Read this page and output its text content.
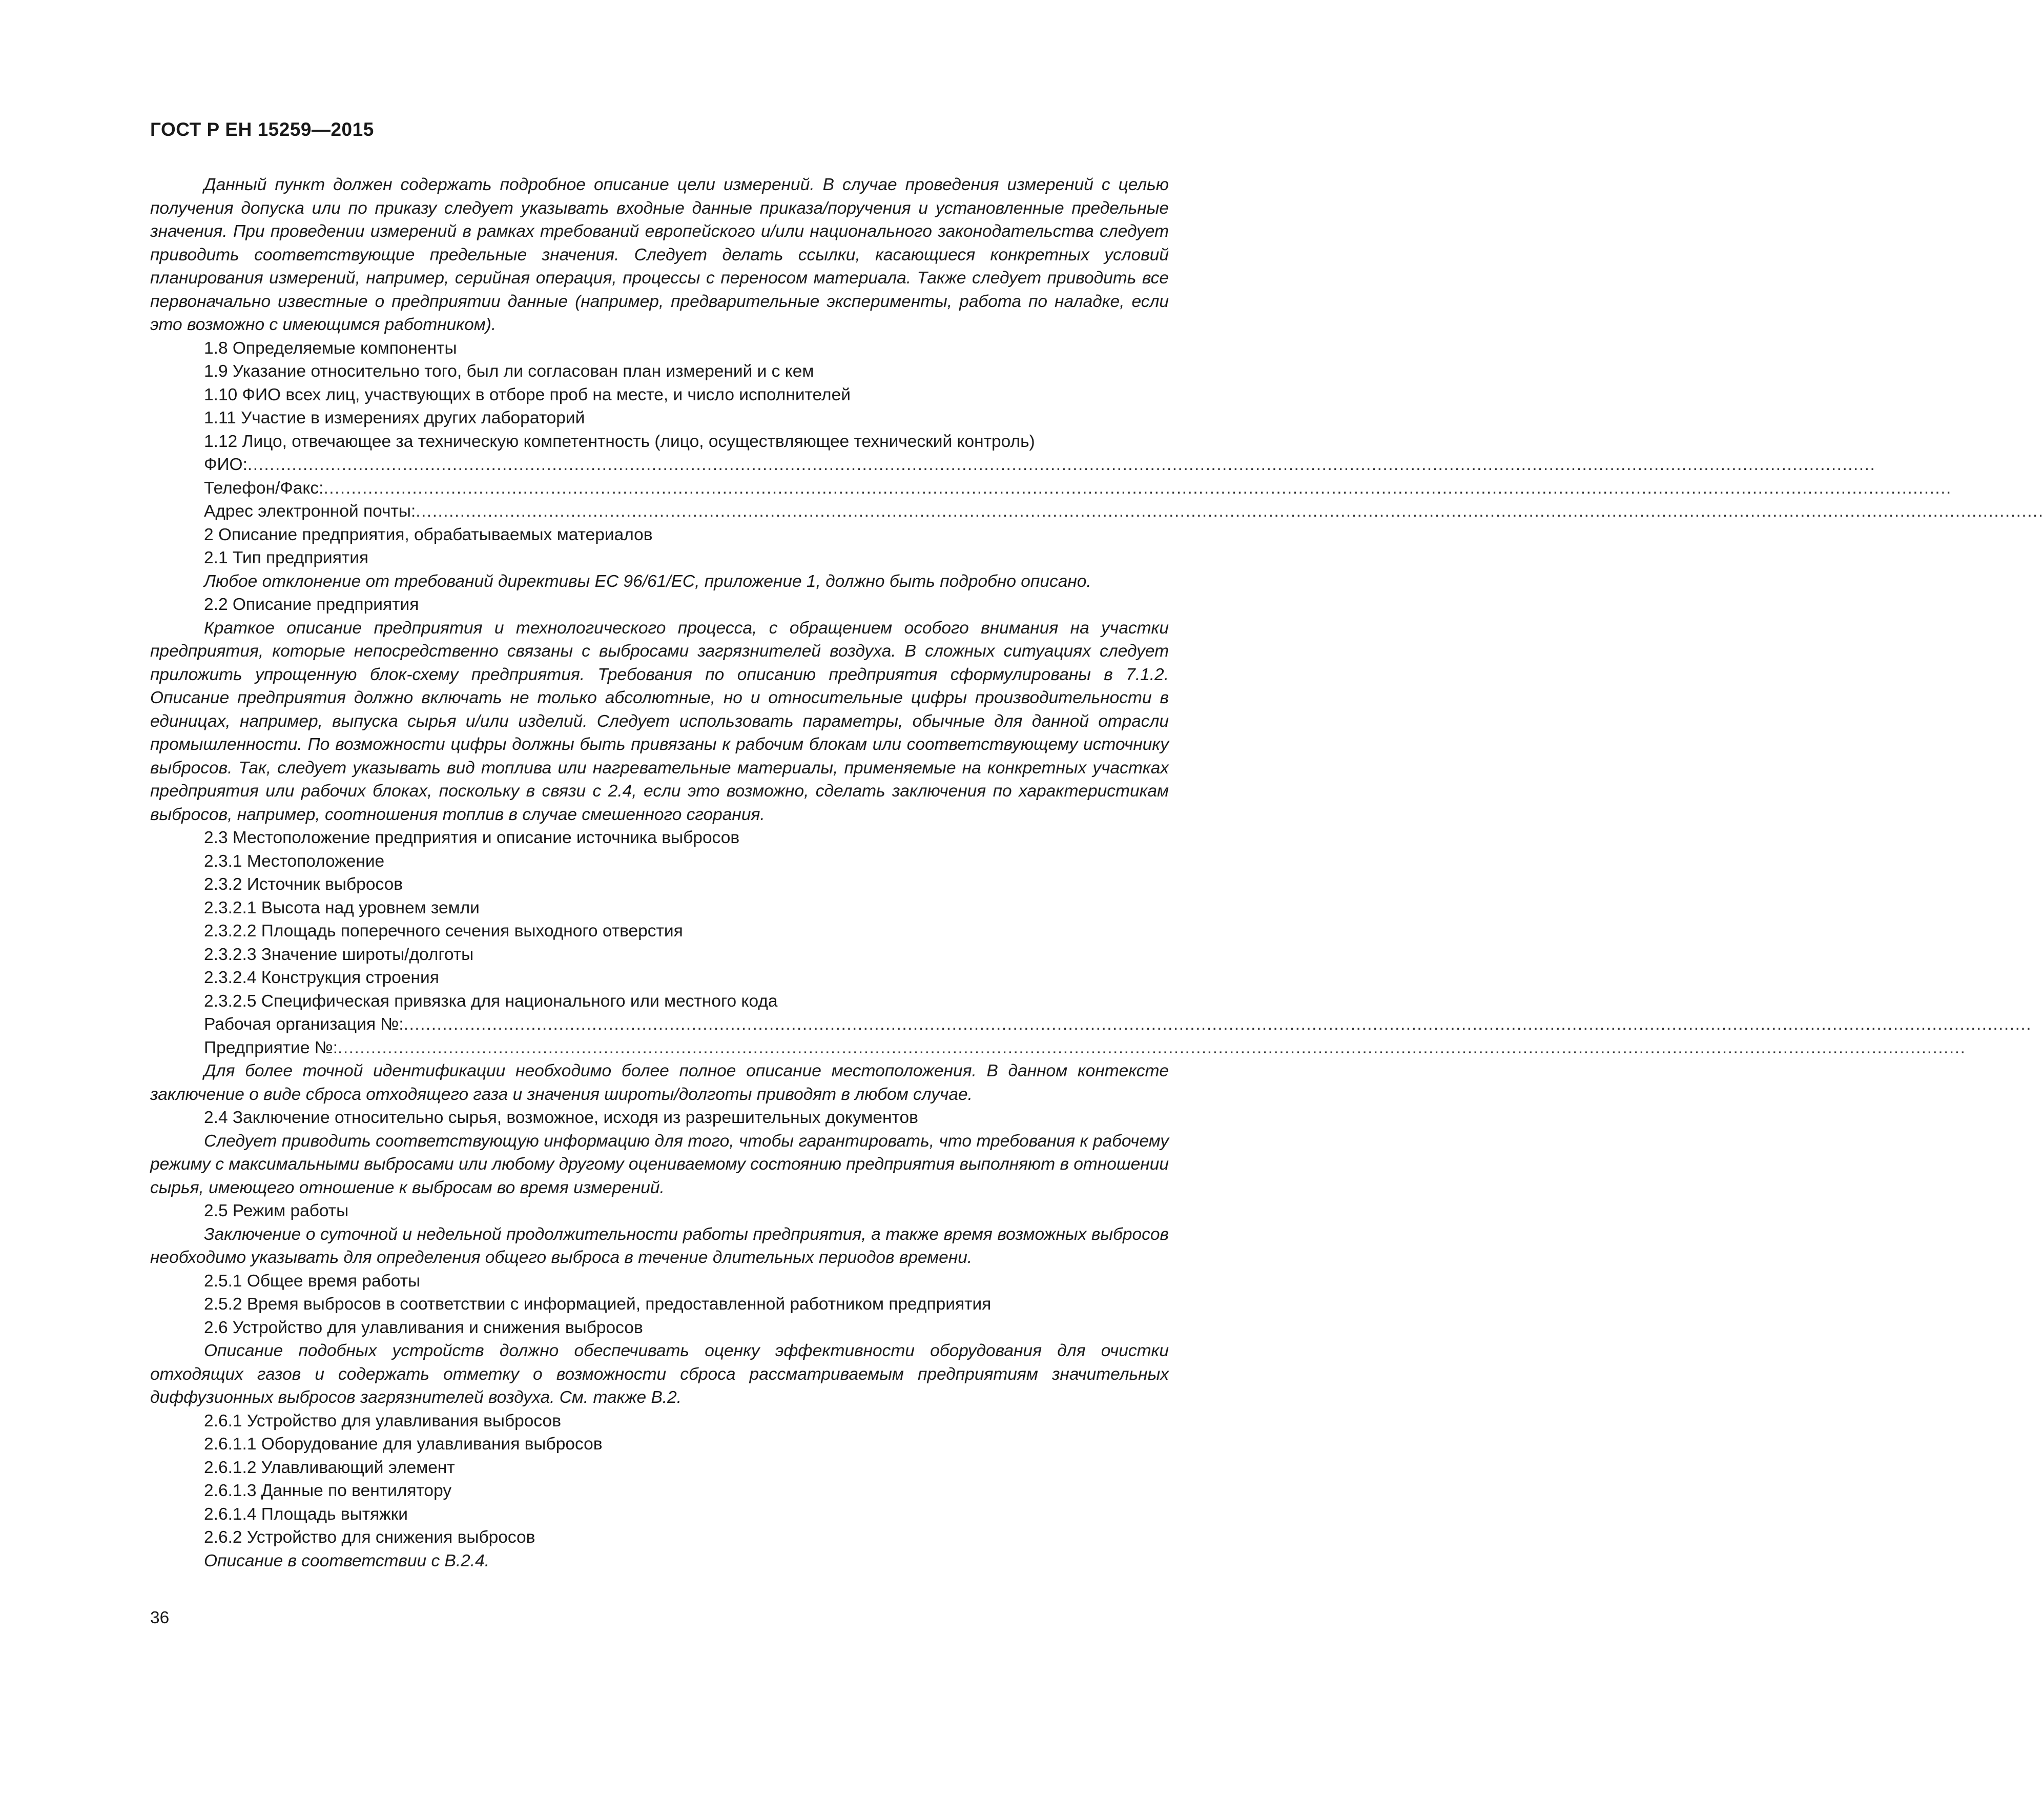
ГОСТ Р ЕН 15259—2015

Данный пункт должен содержать подробное описание цели измерений. В случае проведения измерений с целью получения допуска или по приказу следует указывать входные данные приказа/поручения и установленные предельные значения. При проведении измерений в рамках требований европейского и/или национального законодательства следует приводить соответствующие предельные значения. Следует делать ссылки, касающиеся конкретных условий планирования измерений, например, серийная операция, процессы с переносом материала. Также следует приводить все первоначально известные о предприятии данные (например, предварительные эксперименты, работа по наладке, если это возможно с имеющимся работником).

1.8 Определяемые компоненты

1.9 Указание относительно того, был ли согласован план измерений и с кем

1.10 ФИО всех лиц, участвующих в отборе проб на месте, и число исполнителей

1.11 Участие в измерениях других лабораторий

1.12 Лицо, отвечающее за техническую компетентность (лицо, осуществляющее технический контроль)

ФИО: ......................................................................................................................................................................................................................................................................................................
Телефон/Факс: ......................................................................................................................................................................................................................................................................................................
Адрес электронной почты: ......................................................................................................................................................................................................................................................................................................

2 Описание предприятия, обрабатываемых материалов

2.1 Тип предприятия

Любое отклонение от требований директивы ЕС 96/61/ЕС, приложение 1, должно быть подробно описано.

2.2 Описание предприятия

Краткое описание предприятия и технологического процесса, с обращением особого внимания на участки предприятия, которые непосредственно связаны с выбросами загрязнителей воздуха. В сложных ситуациях следует приложить упрощенную блок-схему предприятия. Требования по описанию предприятия сформулированы в 7.1.2. Описание предприятия должно включать не только абсолютные, но и относительные цифры производительности в единицах, например, выпуска сырья и/или изделий. Следует использовать параметры, обычные для данной отрасли промышленности. По возможности цифры должны быть привязаны к рабочим блокам или соответствующему источнику выбросов. Так, следует указывать вид топлива или нагревательные материалы, применяемые на конкретных участках предприятия или рабочих блоках, поскольку в связи с 2.4, если это возможно, сделать заключения по характеристикам выбросов, например, соотношения топлив в случае смешенного сгорания.

2.3 Местоположение предприятия и описание источника выбросов

2.3.1 Местоположение

2.3.2 Источник выбросов

2.3.2.1 Высота над уровнем земли

2.3.2.2 Площадь поперечного сечения выходного отверстия

2.3.2.3 Значение широты/долготы

2.3.2.4 Конструкция строения

2.3.2.5 Специфическая привязка для национального или местного кода

Рабочая организация №: ......................................................................................................................................................................................................................................................................................................
Предприятие №: ......................................................................................................................................................................................................................................................................................................

Для более точной идентификации необходимо более полное описание местоположения. В данном контексте заключение о виде сброса отходящего газа и значения широты/долготы приводят в любом случае.

2.4 Заключение относительно сырья, возможное, исходя из разрешительных документов

Следует приводить соответствующую информацию для того, чтобы гарантировать, что требования к рабочему режиму с максимальными выбросами или любому другому оцениваемому состоянию предприятия выполняют в отношении сырья, имеющего отношение к выбросам во время измерений.

2.5 Режим работы

Заключение о суточной и недельной продолжительности работы предприятия, а также время возможных выбросов необходимо указывать для определения общего выброса в течение длительных периодов времени.

2.5.1 Общее время работы

2.5.2 Время выбросов в соответствии с информацией, предоставленной работником предприятия

2.6 Устройство для улавливания и снижения выбросов

Описание подобных устройств должно обеспечивать оценку эффективности оборудования для очистки отходящих газов и содержать отметку о возможности сброса рассматриваемым предприятиям значительных диффузионных выбросов загрязнителей воздуха. См. также В.2.

2.6.1 Устройство для улавливания выбросов

2.6.1.1 Оборудование для улавливания выбросов

2.6.1.2 Улавливающий элемент

2.6.1.3 Данные по вентилятору

2.6.1.4 Площадь вытяжки

2.6.2 Устройство для снижения выбросов

Описание в соответствии с В.2.4.

36
